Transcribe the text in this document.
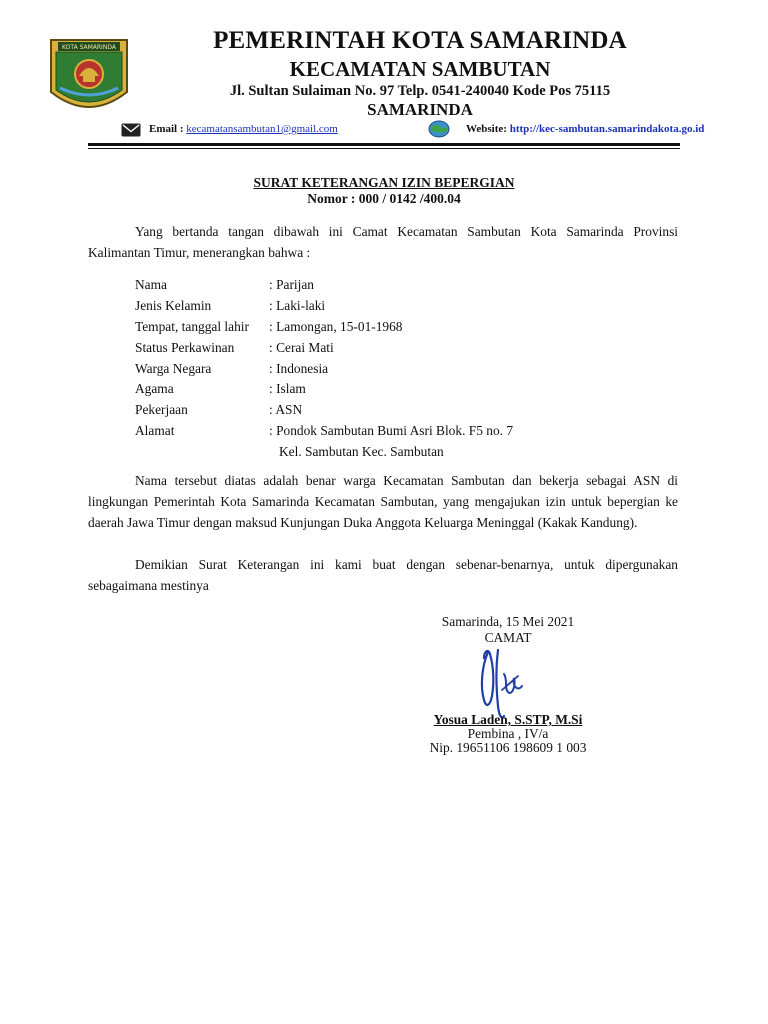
KOTA SAMARINDA	PEMERINTAH KOTA SAMARINDA
KECAMATAN SAMBUTAN
Jl. Sultan Sulaiman No. 97 Telp. 0541-240040 Kode Pos 75115
SAMARINDA
Email : kecamatansambutan1@gmail.com	Website: http://kec-sambutan.samarindakota.go.id
SURAT KETERANGAN IZIN BEPERGIAN
Nomor : 000 / 0142 /400.04
Yang bertanda tangan dibawah ini Camat Kecamatan Sambutan Kota Samarinda Provinsi Kalimantan Timur, menerangkan bahwa :
Nama	: Parijan
Jenis Kelamin	: Laki-laki
Tempat, tanggal lahir : Lamongan, 15-01-1968
Status Perkawinan	: Cerai Mati
Warga Negara	: Indonesia
Agama	: Islam
Pekerjaan	: ASN
Alamat	: Pondok Sambutan Bumi Asri Blok. F5 no. 7
Kel. Sambutan Kec. Sambutan
Nama tersebut diatas adalah benar warga Kecamatan Sambutan dan bekerja sebagai ASN di lingkungan Pemerintah Kota Samarinda Kecamatan Sambutan, yang mengajukan izin untuk bepergian ke daerah Jawa Timur dengan maksud Kunjungan Duka Anggota Keluarga Meninggal (Kakak Kandung).
Demikian Surat Keterangan ini kami buat dengan sebenar-benarnya, untuk dipergunakan sebagaimana mestinya
Samarinda, 15 Mei 2021
CAMAT
Yosua Laden, S.STP, M.Si
Pembina , IV/a
Nip. 19651106 198609 1 003
